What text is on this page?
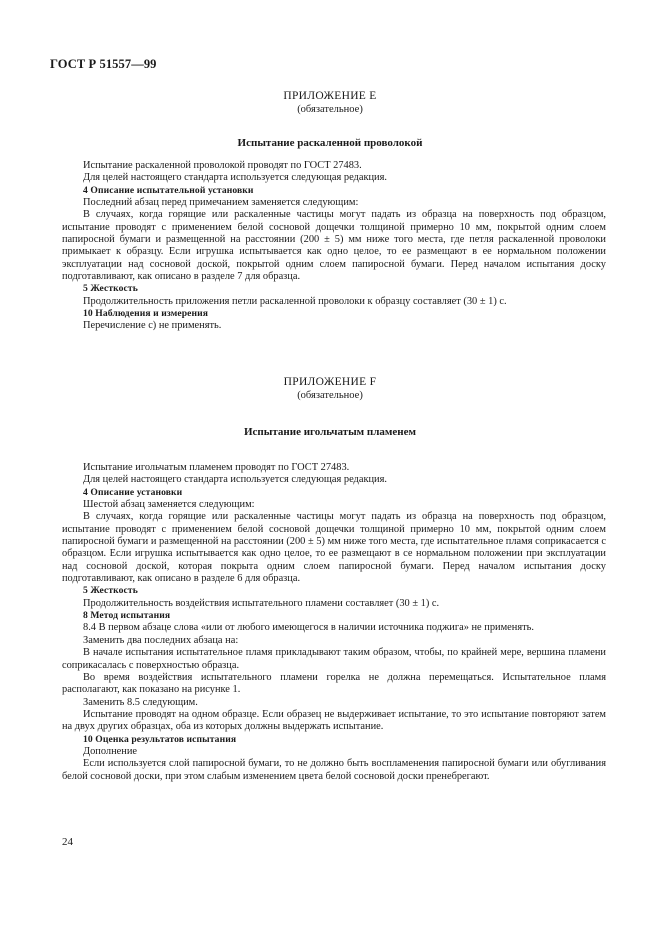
ГОСТ Р 51557—99
ПРИЛОЖЕНИЕ Е
(обязательное)
Испытание раскаленной проволокой

Испытание раскаленной проволокой проводят по ГОСТ 27483.

Для целей настоящего стандарта используется следующая редакция.

4 Описание испытательной установки

Последний абзац перед примечанием заменяется следующим:

В случаях, когда горящие или раскаленные частицы могут падать из образца на поверхность под образцом, испытание проводят с применением белой сосновой дощечки толщиной примерно 10 мм, покрытой одним слоем папиросной бумаги и размещенной на расстоянии (200 ± 5) мм ниже того места, где петля раскаленной проволоки примыкает к образцу. Если игрушка испытывается как одно целое, то ее размещают в ее нормальном положении эксплуатации над сосновой доской, покрытой одним слоем папиросной бумаги. Перед началом испытания доску подготавливают, как описано в разделе 7 для образца.

5 Жесткость

Продолжительность приложения петли раскаленной проволоки к образцу составляет (30 ± 1) с.

10 Наблюдения и измерения

Перечисление с) не применять.

ПРИЛОЖЕНИЕ F
(обязательное)
Испытание игольчатым пламенем

Испытание игольчатым пламенем проводят по ГОСТ 27483.

Для целей настоящего стандарта используется следующая редакция.

4 Описание установки

Шестой абзац заменяется следующим:

В случаях, когда горящие или раскаленные частицы могут падать из образца на поверхность под образцом, испытание проводят с применением белой сосновой дощечки толщиной примерно 10 мм, покрытой одним слоем папиросной бумаги и размещенной на расстоянии (200 ± 5) мм ниже того места, где испытательное пламя соприкасается с образцом. Если игрушка испытывается как одно целое, то ее размещают в се нормальном положении при эксплуатации над сосновой доской, которая покрыта одним слоем папиросной бумаги. Перед началом испытания доску подготавливают, как описано в разделе 6 для образца.

5 Жесткость

Продолжительность воздействия испытательного пламени составляет (30 ± 1) с.

8 Метод испытания

8.4 В первом абзаце слова «или от любого имеющегося в наличии источника поджига» не применять.

Заменить два последних абзаца на:

В начале испытания испытательное пламя прикладывают таким образом, чтобы, по крайней мере, вершина пламени соприкасалась с поверхностью образца.

Во время воздействия испытательного пламени горелка не должна перемещаться. Испытательное пламя располагают, как показано на рисунке 1.

Заменить 8.5 следующим.

Испытание проводят на одном образце. Если образец не выдерживает испытание, то это испытание повторяют затем на двух других образцах, оба из которых должны выдержать испытание.

10 Оценка результатов испытания

Дополнение

Если используется слой папиросной бумаги, то не должно быть воспламенения папиросной бумаги или обугливания белой сосновой доски, при этом слабым изменением цвета белой сосновой доски пренебрегают.

24
